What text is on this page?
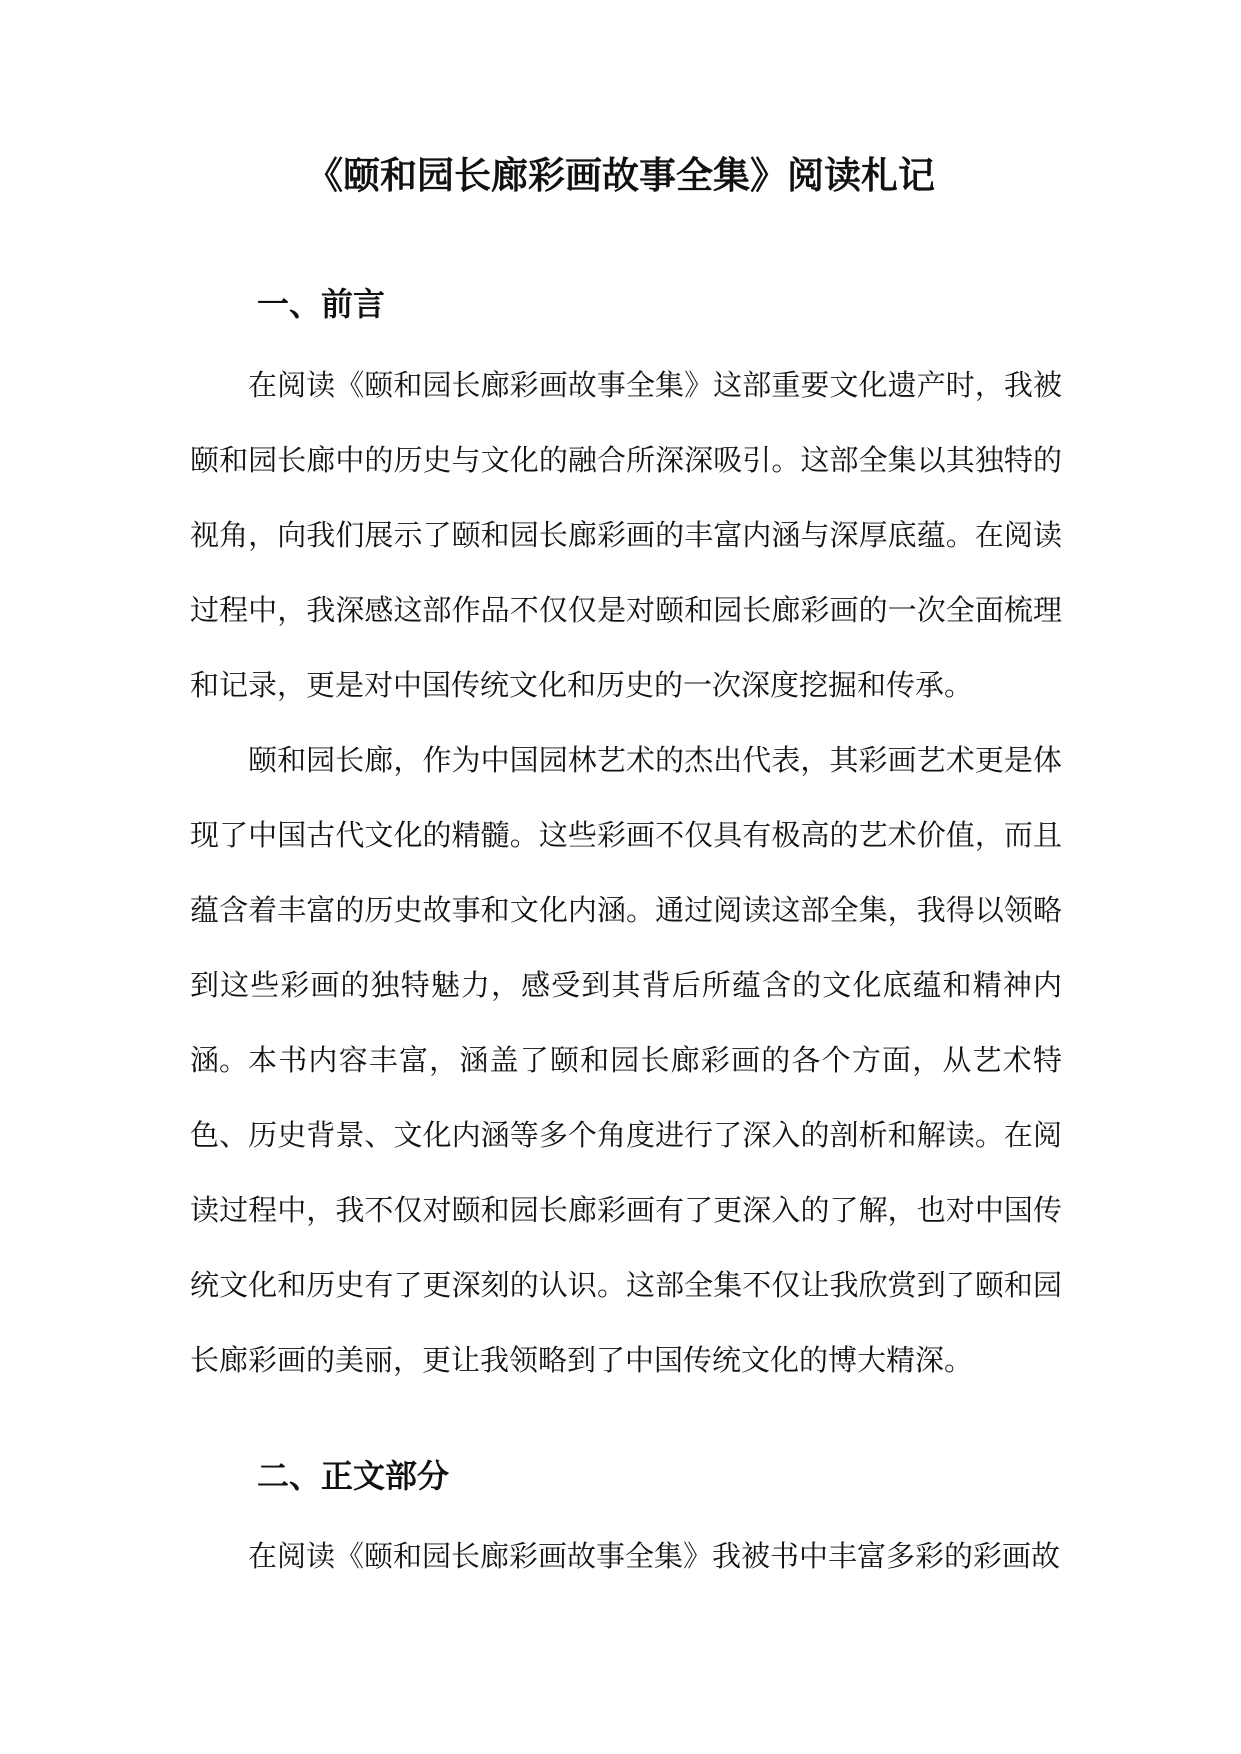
《颐和园长廊彩画故事全集》阅读札记
一、前言

在阅读《颐和园长廊彩画故事全集》这部重要文化遗产时，我被颐和园长廊中的历史与文化的融合所深深吸引。这部全集以其独特的视角，向我们展示了颐和园长廊彩画的丰富内涵与深厚底蕴。在阅读过程中，我深感这部作品不仅仅是对颐和园长廊彩画的一次全面梳理和记录，更是对中国传统文化和历史的一次深度挖掘和传承。

颐和园长廊，作为中国园林艺术的杰出代表，其彩画艺术更是体现了中国古代文化的精髓。这些彩画不仅具有极高的艺术价值，而且蕴含着丰富的历史故事和文化内涵。通过阅读这部全集，我得以领略到这些彩画的独特魅力，感受到其背后所蕴含的文化底蕴和精神内涵。 本书内容丰富，涵盖了颐和园长廊彩画的各个方面，从艺术特色、历史背景、文化内涵等多个角度进行了深入的剖析和解读。在阅读过程中，我不仅对颐和园长廊彩画有了更深入的了解，也对中国传统文化和历史有了更深刻的认识。这部全集不仅让我欣赏到了颐和园长廊彩画的美丽，更让我领略到了中国传统文化的博大精深。

二、正文部分

在阅读《颐和园长廊彩画故事全集》我被书中丰富多彩的彩画故
